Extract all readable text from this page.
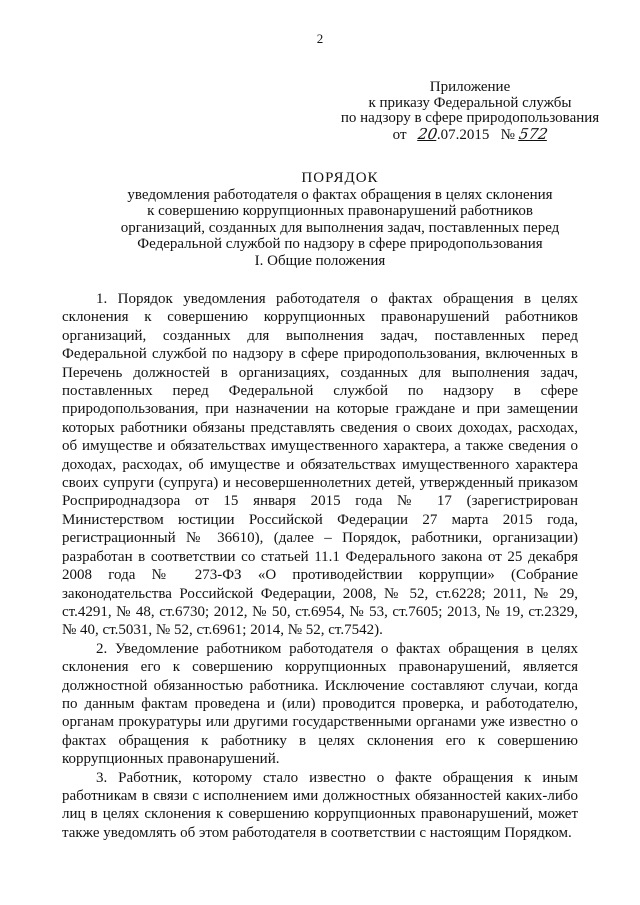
2
Приложение
к приказу Федеральной службы
по надзору в сфере природопользования
от 20.07.2015 № 572
ПОРЯДОК
уведомления работодателя о фактах обращения в целях склонения
к совершению коррупционных правонарушений работников
организаций, созданных для выполнения задач, поставленных перед
Федеральной службой по надзору в сфере природопользования
I. Общие положения

1. Порядок уведомления работодателя о фактах обращения в целях склонения к совершению коррупционных правонарушений работников организаций, созданных для выполнения задач, поставленных перед Федеральной службой по надзору в сфере природопользования, включенных в Перечень должностей в организациях, созданных для выполнения задач, поставленных перед Федеральной службой по надзору в сфере природопользования, при назначении на которые граждане и при замещении которых работники обязаны представлять сведения о своих доходах, расходах, об имуществе и обязательствах имущественного характера, а также сведения о доходах, расходах, об имуществе и обязательствах имущественного характера своих супруги (супруга) и несовершеннолетних детей, утвержденный приказом Росприроднадзора от 15 января 2015 года № 17 (зарегистрирован Министерством юстиции Российской Федерации 27 марта 2015 года, регистрационный № 36610), (далее – Порядок, работники, организации) разработан в соответствии со статьей 11.1 Федерального закона от 25 декабря 2008 года № 273-ФЗ «О противодействии коррупции» (Собрание законодательства Российской Федерации, 2008, № 52, ст.6228; 2011, № 29, ст.4291, № 48, ст.6730; 2012, № 50, ст.6954, № 53, ст.7605; 2013, № 19, ст.2329, № 40, ст.5031, № 52, ст.6961; 2014, № 52, ст.7542).

2. Уведомление работником работодателя о фактах обращения в целях склонения его к совершению коррупционных правонарушений, является должностной обязанностью работника. Исключение составляют случаи, когда по данным фактам проведена и (или) проводится проверка, и работодателю, органам прокуратуры или другими государственными органами уже известно о фактах обращения к работнику в целях склонения его к совершению коррупционных правонарушений.

3. Работник, которому стало известно о факте обращения к иным работникам в связи с исполнением ими должностных обязанностей каких-либо лиц в целях склонения к совершению коррупционных правонарушений, может также уведомлять об этом работодателя в соответствии с настоящим Порядком.
